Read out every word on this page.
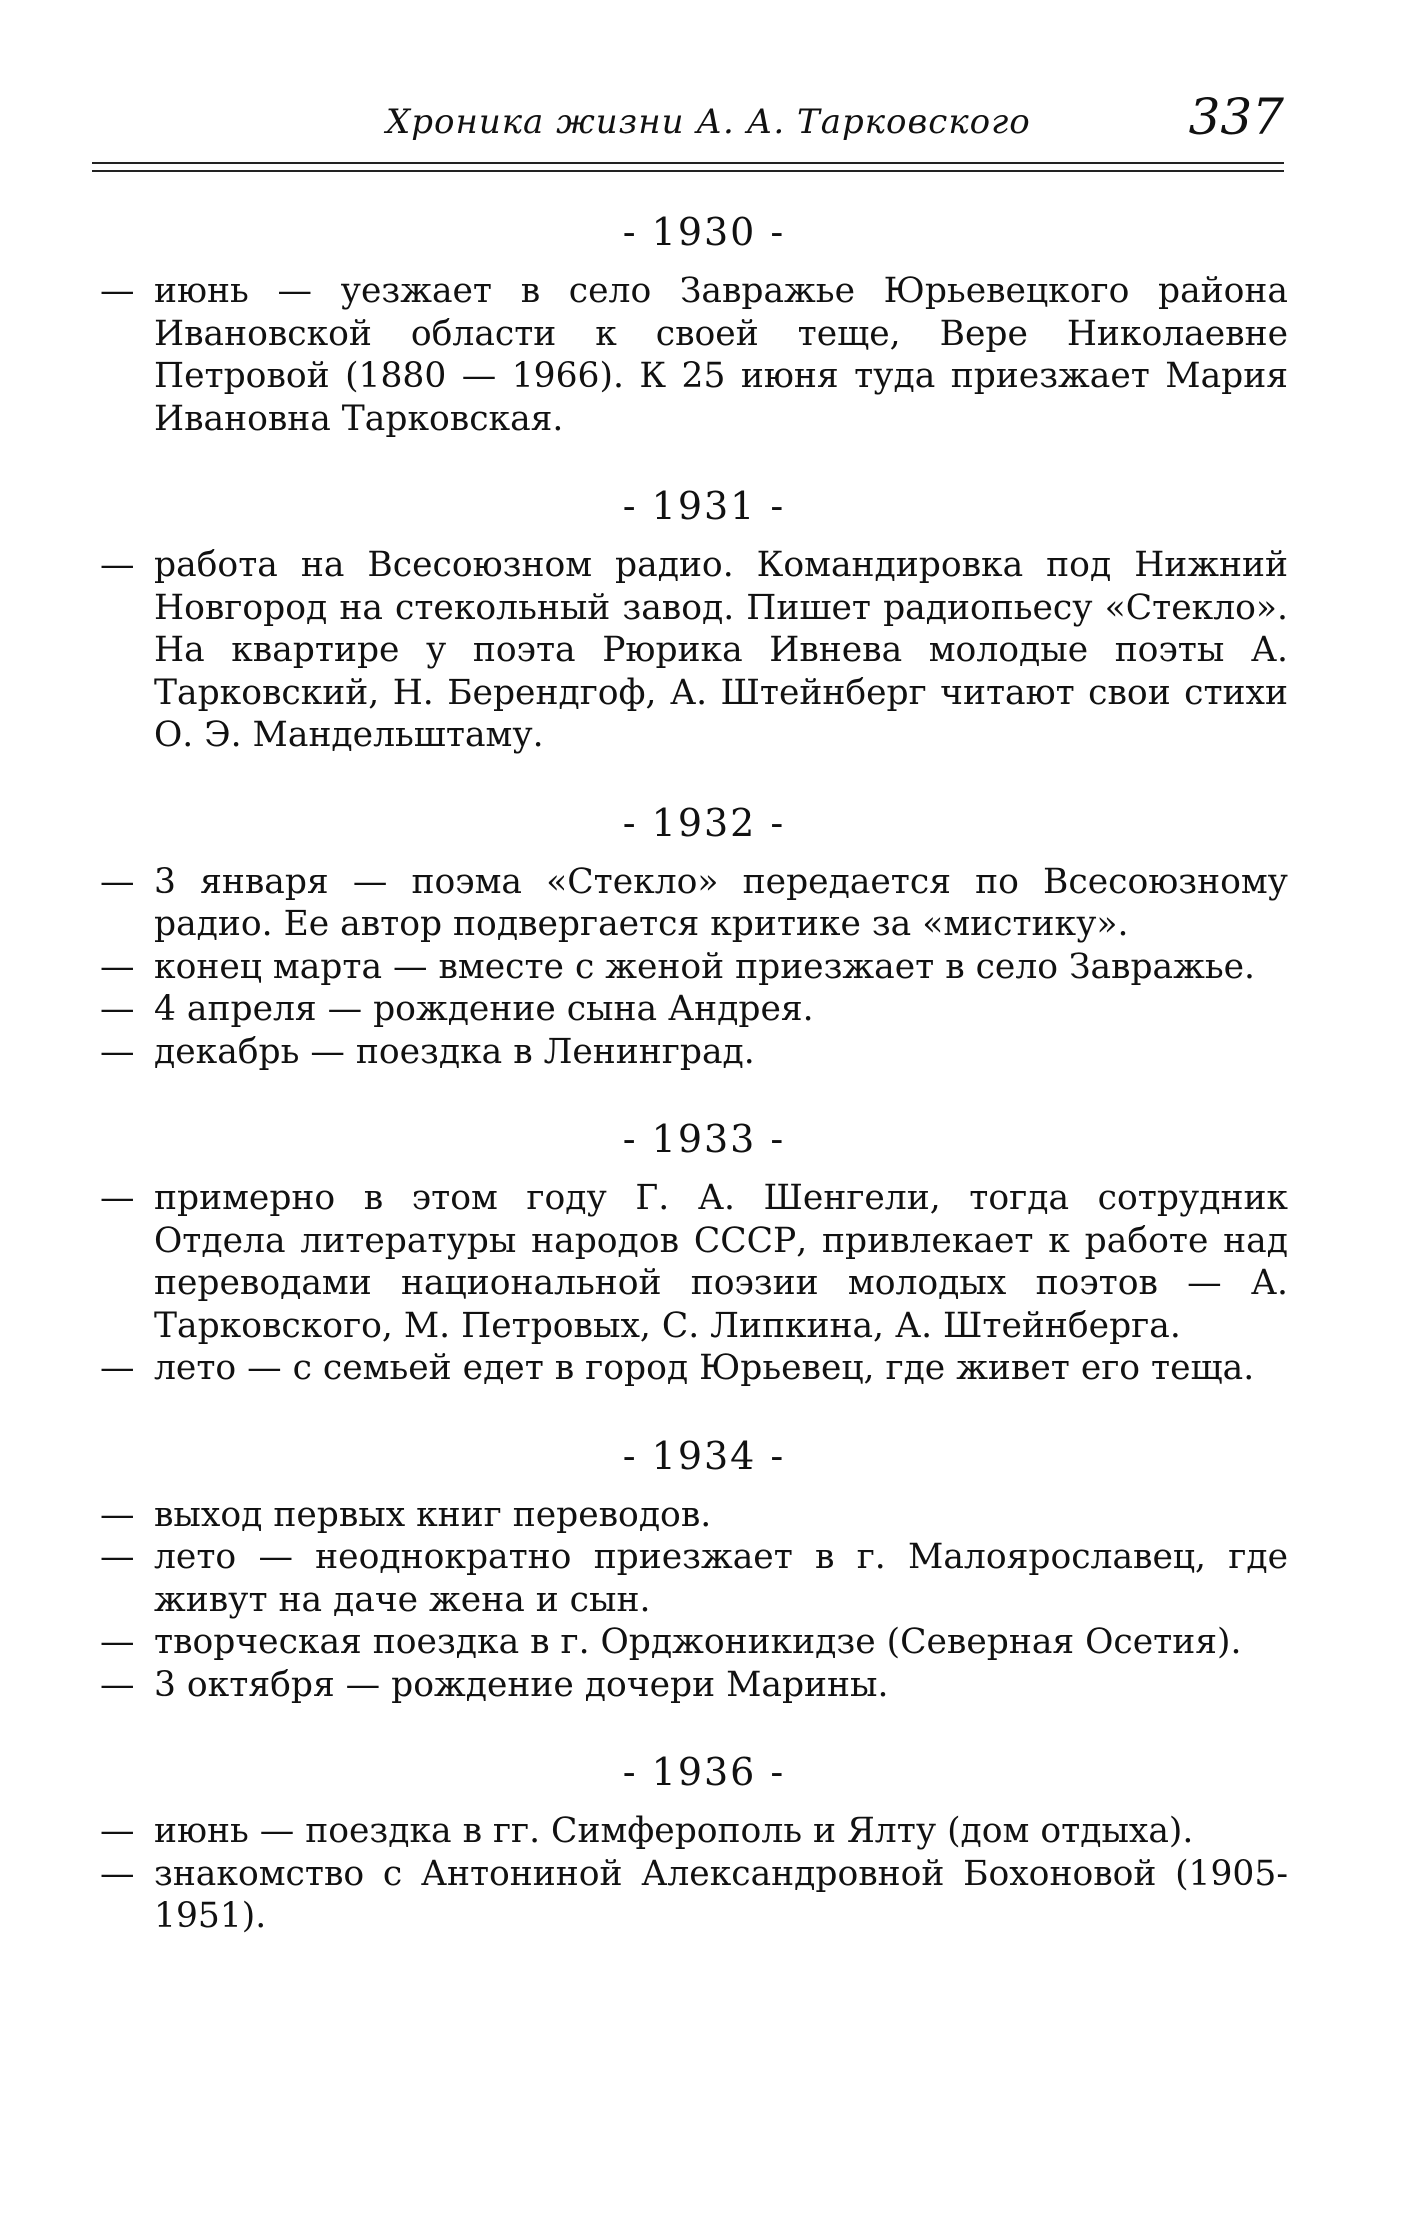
Хроника жизни А. А. Тарковского	337
- 1930 -
— июнь — уезжает в село Завражье Юрьевецкого района Ивановской области к своей теще, Вере Николаевне Петровой (1880 — 1966). К 25 июня туда приезжает Мария Ивановна Тарковская.
- 1931 -
— работа на Всесоюзном радио. Командировка под Нижний Новгород на стекольный завод. Пишет радиопьесу «Стекло». На квартире у поэта Рюрика Ивнева молодые поэты А. Тарковский, Н. Берендгоф, А. Штейнберг читают свои стихи О. Э. Мандельштаму.
- 1932 -
— 3 января — поэма «Стекло» передается по Всесоюзному радио. Ее автор подвергается критике за «мистику».
— конец марта — вместе с женой приезжает в село Завражье.
— 4 апреля — рождение сына Андрея.
— декабрь — поездка в Ленинград.
- 1933 -
— примерно в этом году Г. А. Шенгели, тогда сотрудник Отдела литературы народов СССР, привлекает к работе над переводами национальной поэзии молодых поэтов — А. Тарковского, М. Петровых, С. Липкина, А. Штейнберга.
— лето — с семьей едет в город Юрьевец, где живет его теща.
- 1934 -
— выход первых книг переводов.
— лето — неоднократно приезжает в г. Малоярославец, где живут на даче жена и сын.
— творческая поездка в г. Орджоникидзе (Северная Осетия).
— 3 октября — рождение дочери Марины.
- 1936 -
— июнь — поездка в гг. Симферополь и Ялту (дом отдыха).
— знакомство с Антониной Александровной Бохоновой (1905-1951).
